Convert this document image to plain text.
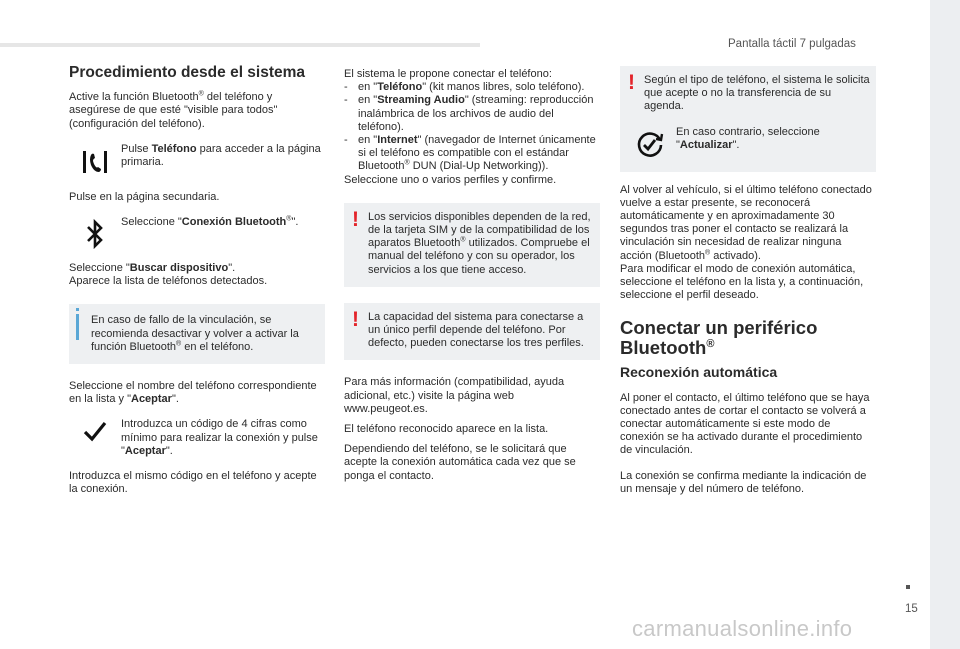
Pantalla táctil 7 pulgadas
15
carmanualsonline.info
Procedimiento desde el sistema

Active la función Bluetooth® del teléfono y asegúrese de que esté "visible para todos" (configuración del teléfono).

Pulse Teléfono para acceder a la página primaria.

Pulse en la página secundaria.

Seleccione "Conexión Bluetooth®".

Seleccione "Buscar dispositivo".

Aparece la lista de teléfonos detectados.

En caso de fallo de la vinculación, se recomienda desactivar y volver a activar la función Bluetooth® en el teléfono.

Seleccione el nombre del teléfono correspondiente en la lista y "Aceptar".

Introduzca un código de 4 cifras como mínimo para realizar la conexión y pulse "Aceptar".

Introduzca el mismo código en el teléfono y acepte la conexión.

El sistema le propone conectar el teléfono:

- en "Teléfono" (kit manos libres, solo teléfono).
- en "Streaming Audio" (streaming: reproducción inalámbrica de los archivos de audio del teléfono).
- en "Internet" (navegador de Internet únicamente si el teléfono es compatible con el estándar Bluetooth® DUN (Dial-Up Networking)).

Seleccione uno o varios perfiles y confirme.

! Los servicios disponibles dependen de la red, de la tarjeta SIM y de la compatibilidad de los aparatos Bluetooth® utilizados. Compruebe el manual del teléfono y con su operador, los servicios a los que tiene acceso.
! La capacidad del sistema para conectarse a un único perfil depende del teléfono. Por defecto, pueden conectarse los tres perfiles.

Para más información (compatibilidad, ayuda adicional, etc.) visite la página web www.peugeot.es.

El teléfono reconocido aparece en la lista.

Dependiendo del teléfono, se le solicitará que acepte la conexión automática cada vez que se ponga el contacto.

! Según el tipo de teléfono, el sistema le solicita que acepte o no la transferencia de su agenda.
En caso contrario, seleccione "Actualizar".

Al volver al vehículo, si el último teléfono conectado vuelve a estar presente, se reconocerá automáticamente y en aproximadamente 30 segundos tras poner el contacto se realizará la vinculación sin necesidad de realizar ninguna acción (Bluetooth® activado).

Para modificar el modo de conexión automática, seleccione el teléfono en la lista y, a continuación, seleccione el perfil deseado.

Conectar un periférico Bluetooth®
Reconexión automática

Al poner el contacto, el último teléfono que se haya conectado antes de cortar el contacto se volverá a conectar automáticamente si este modo de conexión se ha activado durante el procedimiento de vinculación.

La conexión se confirma mediante la indicación de un mensaje y del número de teléfono.
